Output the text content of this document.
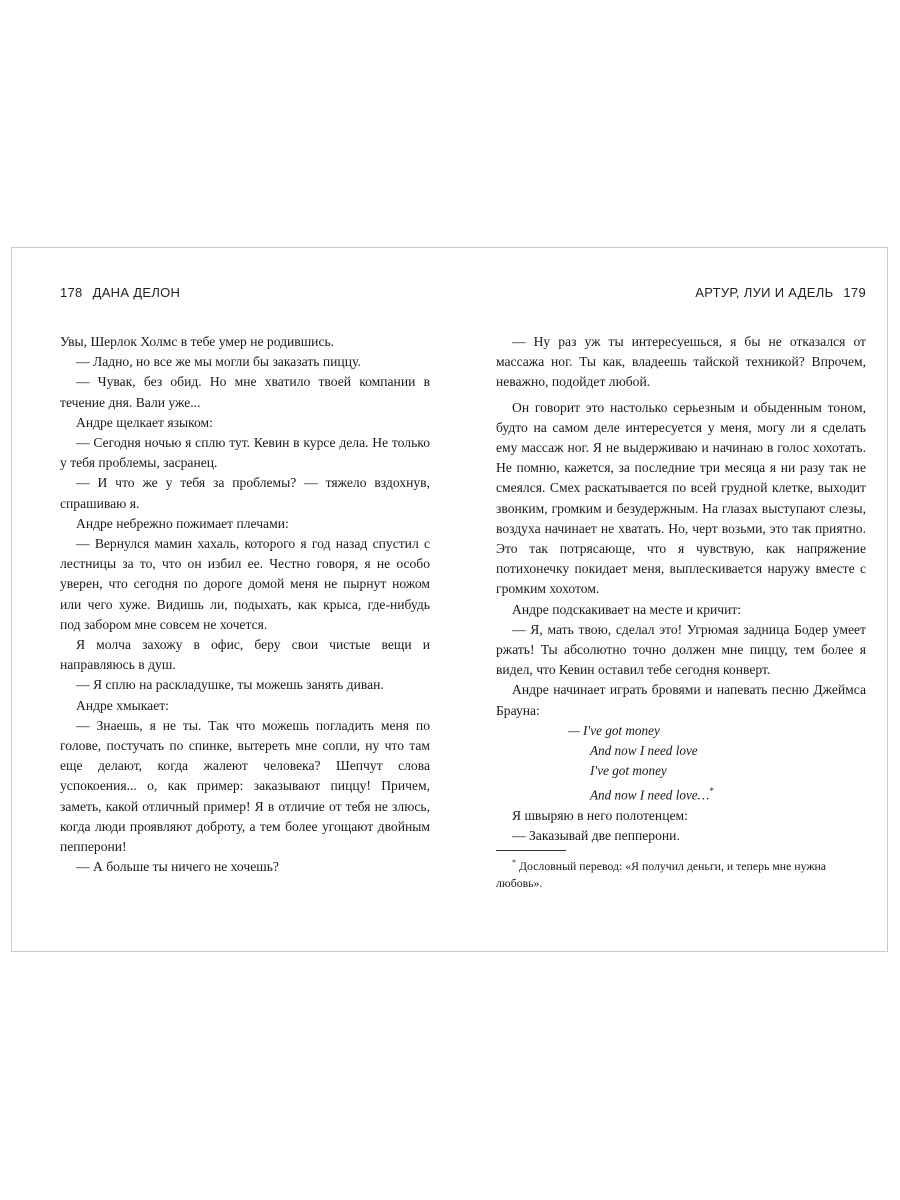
178 ДАНА ДЕЛОН

Увы, Шерлок Холмс в тебе умер не родившись.

— Ладно, но все же мы могли бы заказать пиццу.

— Чувак, без обид. Но мне хватило твоей компании в течение дня. Вали уже...

Андре щелкает языком:

— Сегодня ночью я сплю тут. Кевин в курсе дела. Не только у тебя проблемы, засранец.

— И что же у тебя за проблемы? — тяжело вздохнув, спрашиваю я.

Андре небрежно пожимает плечами:

— Вернулся мамин хахаль, которого я год назад спустил с лестницы за то, что он избил ее. Честно говоря, я не особо уверен, что сегодня по дороге домой меня не пырнут ножом или чего хуже. Видишь ли, подыхать, как крыса, где-нибудь под забором мне совсем не хочется.

Я молча захожу в офис, беру свои чистые вещи и направляюсь в душ.

— Я сплю на раскладушке, ты можешь занять диван.

Андре хмыкает:

— Знаешь, я не ты. Так что можешь погладить меня по голове, постучать по спинке, вытереть мне сопли, ну что там еще делают, когда жалеют человека? Шепчут слова успокоения... о, как пример: заказывают пиццу! Причем, заметь, какой отличный пример! Я в отличие от тебя не злюсь, когда люди проявляют доброту, а тем более угощают двойным пепперони!

— А больше ты ничего не хочешь?

АРТУР, ЛУИ И АДЕЛЬ 179

— Ну раз уж ты интересуешься, я бы не отказался от массажа ног. Ты как, владеешь тайской техникой? Впрочем, неважно, подойдет любой.

Он говорит это настолько серьезным и обыденным тоном, будто на самом деле интересуется у меня, могу ли я сделать ему массаж ног. Я не выдерживаю и начинаю в голос хохотать. Не помню, кажется, за последние три месяца я ни разу так не смеялся. Смех раскатывается по всей грудной клетке, выходит звонким, громким и безудержным. На глазах выступают слезы, воздуха начинает не хватать. Но, черт возьми, это так приятно. Это так потрясающе, что я чувствую, как напряжение потихонечку покидает меня, выплескивается наружу вместе с громким хохотом.

Андре подскакивает на месте и кричит:

— Я, мать твою, сделал это! Угрюмая задница Бодер умеет ржать! Ты абсолютно точно должен мне пиццу, тем более я видел, что Кевин оставил тебе сегодня конверт.

Андре начинает играть бровями и напевать песню Джеймса Брауна:

— I've got money
And now I need love
I've got money
And now I need love…*

Я швыряю в него полотенцем:

— Заказывай две пепперони.

* Дословный перевод: «Я получил деньги, и теперь мне нужна любовь».
